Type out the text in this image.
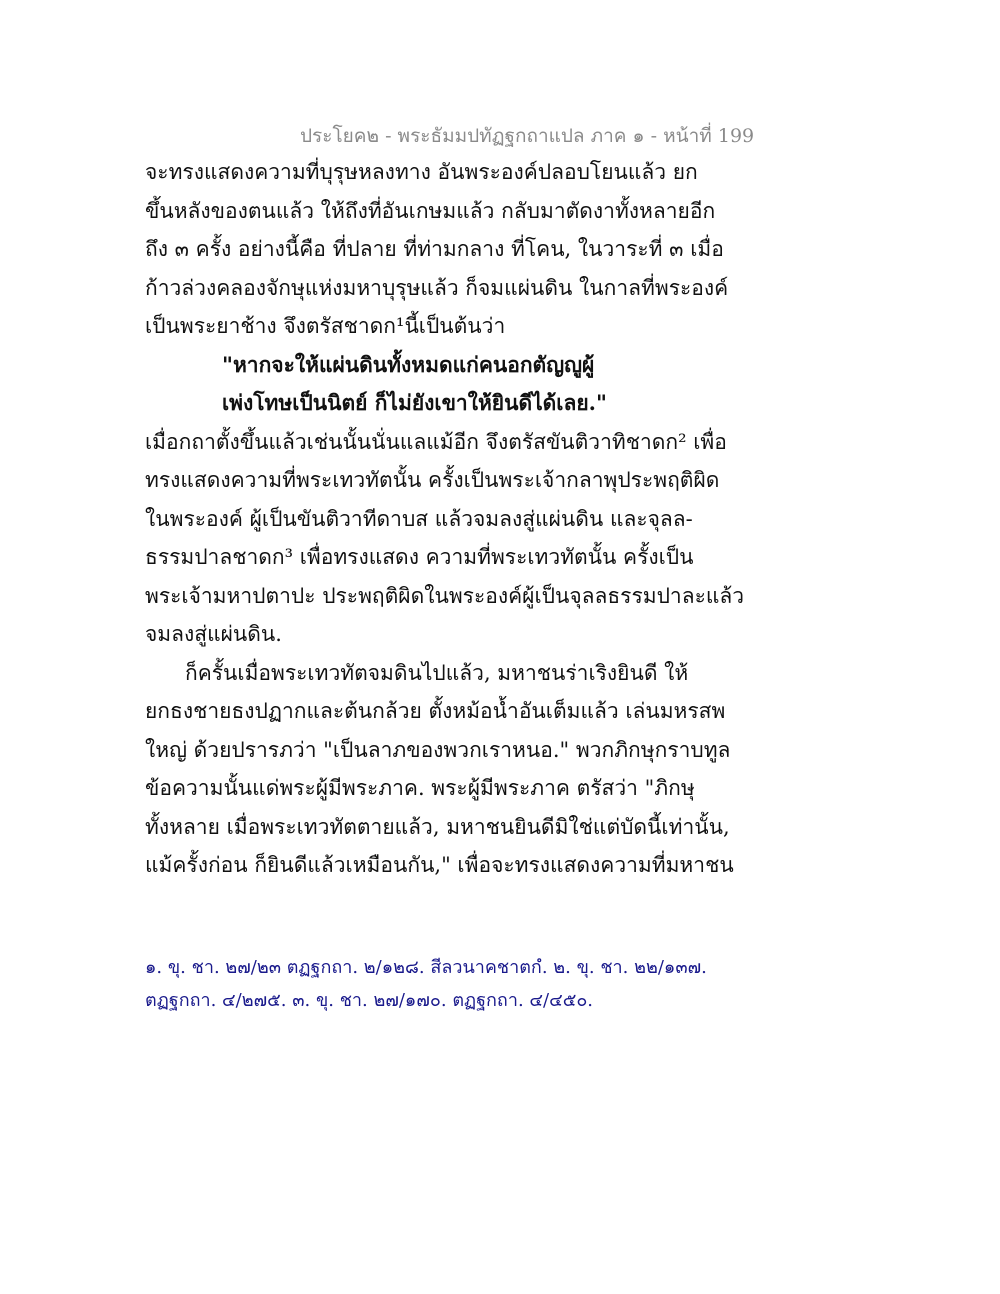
ประโยค๒ - พระธัมมปทัฏฐกถาแปล ภาค ๑ - หน้าที่ 199
จะทรงแสดงความที่บุรุษหลงทาง อันพระองค์ปลอบโยนแล้ว ยก
ขึ้นหลังของตนแล้ว ให้ถึงที่อันเกษมแล้ว กลับมาตัดงาทั้งหลายอีก
ถึง ๓ ครั้ง อย่างนี้คือ ที่ปลาย ที่ท่ามกลาง ที่โคน, ในวาระที่ ๓ เมื่อ
ก้าวล่วงคลองจักษุแห่งมหาบุรุษแล้ว ก็จมแผ่นดิน ในกาลที่พระองค์
เป็นพระยาช้าง จึงตรัสชาดก¹นี้เป็นต้นว่า
"หากจะให้แผ่นดินทั้งหมดแก่คนอกตัญญูผู้
เพ่งโทษเป็นนิตย์ ก็ไม่ยังเขาให้ยินดีได้เลย."
เมื่อกถาตั้งขึ้นแล้วเช่นนั้นนั่นแลแม้อีก จึงตรัสขันติวาทิชาดก² เพื่อ
ทรงแสดงความที่พระเทวทัตนั้น ครั้งเป็นพระเจ้ากลาพุประพฤติผิด
ในพระองค์ ผู้เป็นขันติวาทีดาบส แล้วจมลงสู่แผ่นดิน และจุลล-
ธรรมปาลชาดก³ เพื่อทรงแสดง ความที่พระเทวทัตนั้น ครั้งเป็น
พระเจ้ามหาปตาปะ ประพฤติผิดในพระองค์ผู้เป็นจุลลธรรมปาละแล้ว
จมลงสู่แผ่นดิน.
ก็ครั้นเมื่อพระเทวทัตจมดินไปแล้ว, มหาชนร่าเริงยินดี ให้
ยกธงชายธงปฏากและต้นกล้วย ตั้งหม้อน้ำอันเต็มแล้ว เล่นมหรสพ
ใหญ่ ด้วยปรารภว่า "เป็นลาภของพวกเราหนอ." พวกภิกษุกราบทูล
ข้อความนั้นแด่พระผู้มีพระภาค. พระผู้มีพระภาค ตรัสว่า "ภิกษุ
ทั้งหลาย เมื่อพระเทวทัตตายแล้ว, มหาชนยินดีมิใช่แต่บัดนี้เท่านั้น,
แม้ครั้งก่อน ก็ยินดีแล้วเหมือนกัน," เพื่อจะทรงแสดงความที่มหาชน
๑. ขุ. ชา. ๒๗/๒๓ ตฏฐกถา. ๒/๑๒๘. สีลวนาคชาตกํ. ๒. ขุ. ชา. ๒๒/๑๓๗.
ตฏฐกถา. ๔/๒๗๕. ๓. ขุ. ชา. ๒๗/๑๗๐. ตฏฐกถา. ๔/๔๕๐.
